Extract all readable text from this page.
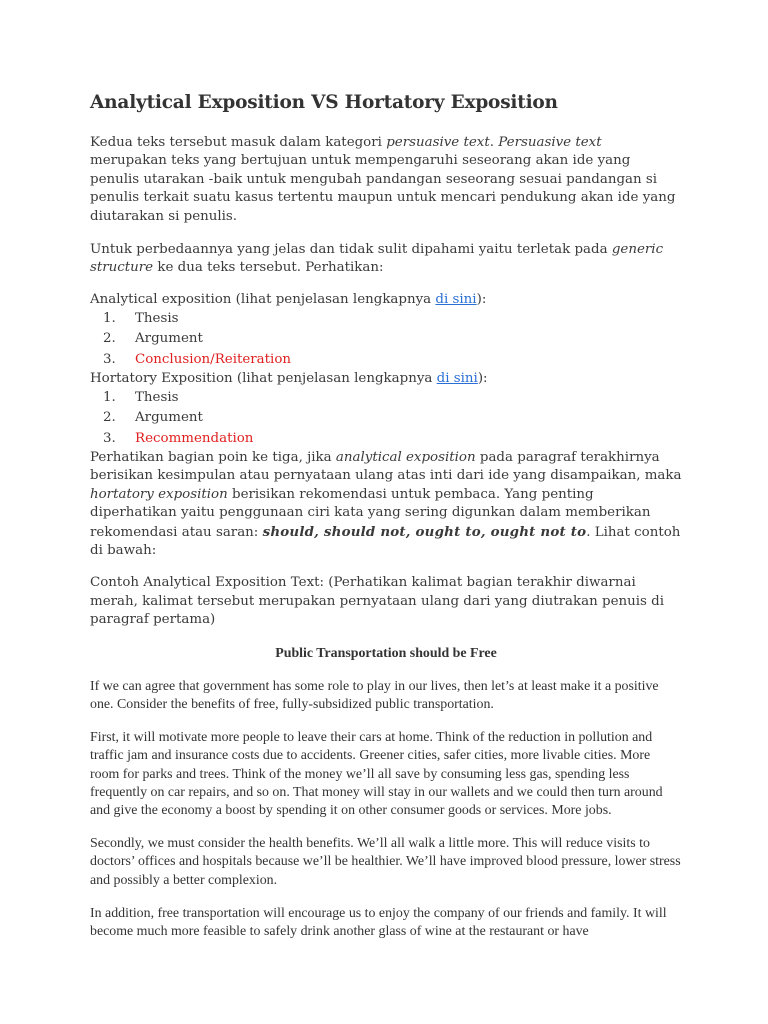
Analytical Exposition VS Hortatory Exposition

Kedua teks tersebut masuk dalam kategori persuasive text. Persuasive text merupakan teks yang bertujuan untuk mempengaruhi seseorang akan ide yang penulis utarakan -baik untuk mengubah pandangan seseorang sesuai pandangan si penulis terkait suatu kasus tertentu maupun untuk mencari pendukung akan ide yang diutarakan si penulis.

Untuk perbedaannya yang jelas dan tidak sulit dipahami yaitu terletak pada generic structure ke dua teks tersebut. Perhatikan:

Analytical exposition (lihat penjelasan lengkapnya di sini):

1. Thesis
2. Argument
3. Conclusion/Reiteration

Hortatory Exposition (lihat penjelasan lengkapnya di sini):

1. Thesis
2. Argument
3. Recommendation

Perhatikan bagian poin ke tiga, jika analytical exposition pada paragraf terakhirnya berisikan kesimpulan atau pernyataan ulang atas inti dari ide yang disampaikan, maka hortatory exposition berisikan rekomendasi untuk pembaca. Yang penting diperhatikan yaitu penggunaan ciri kata yang sering digunkan dalam memberikan rekomendasi atau saran: should, should not, ought to, ought not to. Lihat contoh di bawah:

Contoh Analytical Exposition Text: (Perhatikan kalimat bagian terakhir diwarnai merah, kalimat tersebut merupakan pernyataan ulang dari yang diutrakan penuis di paragraf pertama)

Public Transportation should be Free

If we can agree that government has some role to play in our lives, then let’s at least make it a positive one. Consider the benefits of free, fully-subsidized public transportation.

First, it will motivate more people to leave their cars at home. Think of the reduction in pollution and traffic jam and insurance costs due to accidents. Greener cities, safer cities, more livable cities. More room for parks and trees. Think of the money we’ll all save by consuming less gas, spending less frequently on car repairs, and so on. That money will stay in our wallets and we could then turn around and give the economy a boost by spending it on other consumer goods or services. More jobs.

Secondly, we must consider the health benefits. We’ll all walk a little more. This will reduce visits to doctors’ offices and hospitals because we’ll be healthier. We’ll have improved blood pressure, lower stress and possibly a better complexion.

In addition, free transportation will encourage us to enjoy the company of our friends and family. It will become much more feasible to safely drink another glass of wine at the restaurant or have
